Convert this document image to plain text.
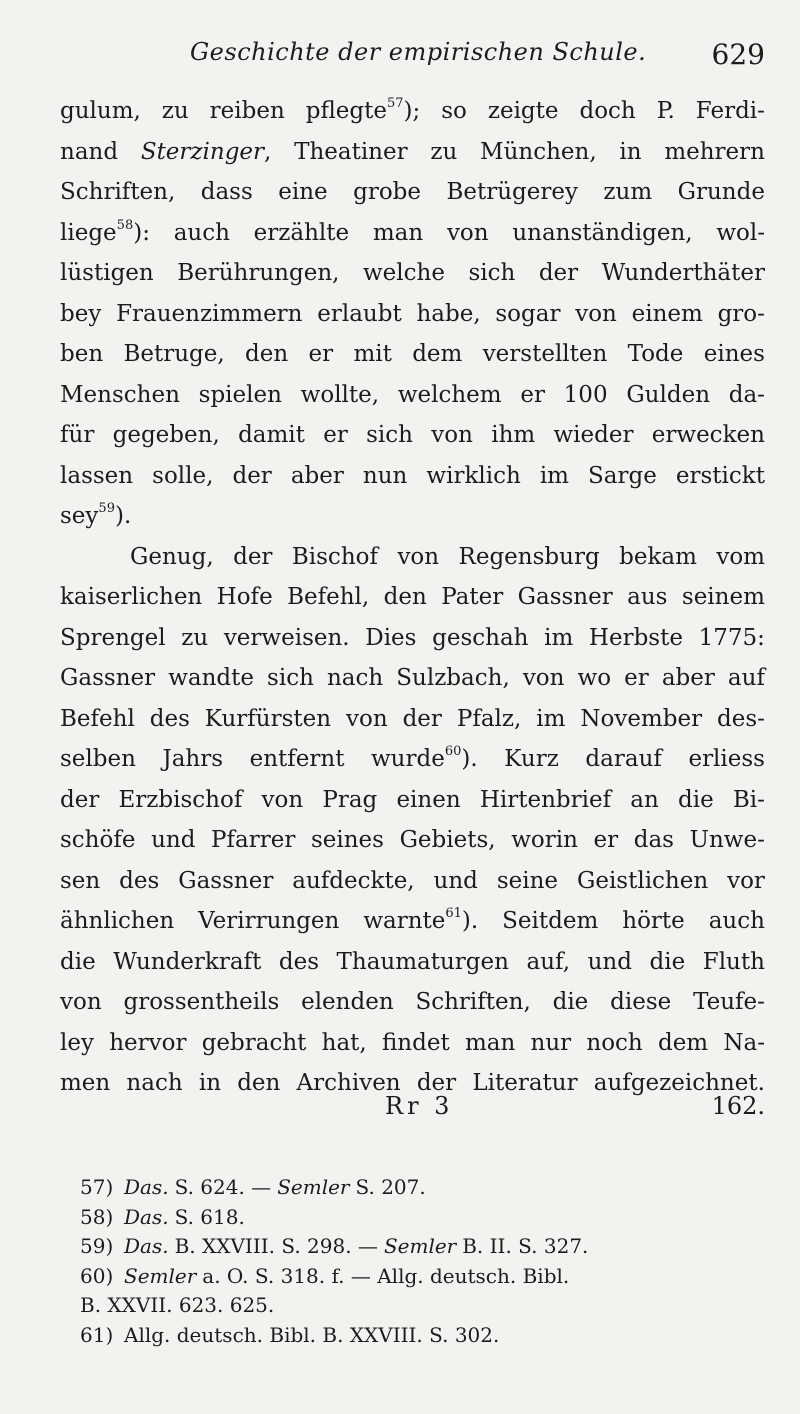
Geschichte der empirischen Schule. 629
gulum, zu reiben pflegte$^{57}$); so zeigte doch P. Ferdi-
nand Sterzinger, Theatiner zu München, in mehrern
Schriften, dass eine grobe Betrügerey zum Grunde
liege$^{58}$): auch erzählte man von unanständigen, wol-
lüstigen Berührungen, welche sich der Wunderthäter
bey Frauenzimmern erlaubt habe, sogar von einem gro-
ben Betruge, den er mit dem verstellten Tode eines
Menschen spielen wollte, welchem er 100 Gulden da-
für gegeben, damit er sich von ihm wieder erwecken
lassen solle, der aber nun wirklich im Sarge erstickt
sey$^{59}$).
Genug, der Bischof von Regensburg bekam vom
kaiserlichen Hofe Befehl, den Pater Gassner aus seinem
Sprengel zu verweisen. Dies geschah im Herbste 1775:
Gassner wandte sich nach Sulzbach, von wo er aber auf
Befehl des Kurfürsten von der Pfalz, im November des-
selben Jahrs entfernt wurde$^{60}$). Kurz darauf erliess
der Erzbischof von Prag einen Hirtenbrief an die Bi-
schöfe und Pfarrer seines Gebiets, worin er das Unwe-
sen des Gassner aufdeckte, und seine Geistlichen vor
ähnlichen Verirrungen warnte$^{61}$). Seitdem hörte auch
die Wunderkraft des Thaumaturgen auf, und die Fluth
von grossentheils elenden Schriften, die diese Teufe-
ley hervor gebracht hat, findet man nur noch dem Na-
men nach in den Archiven der Literatur aufgezeichnet.
Rr 3	162.
57) Das. S. 624. — Semler S. 207.
58) Das. S. 618.
59) Das. B. XXVIII. S. 298. — Semler B. II. S. 327.
60) Semler a. O. S. 318. f. — Allg. deutsch. Bibl.
B. XXVII. 623. 625.
61) Allg. deutsch. Bibl. B. XXVIII. S. 302.
